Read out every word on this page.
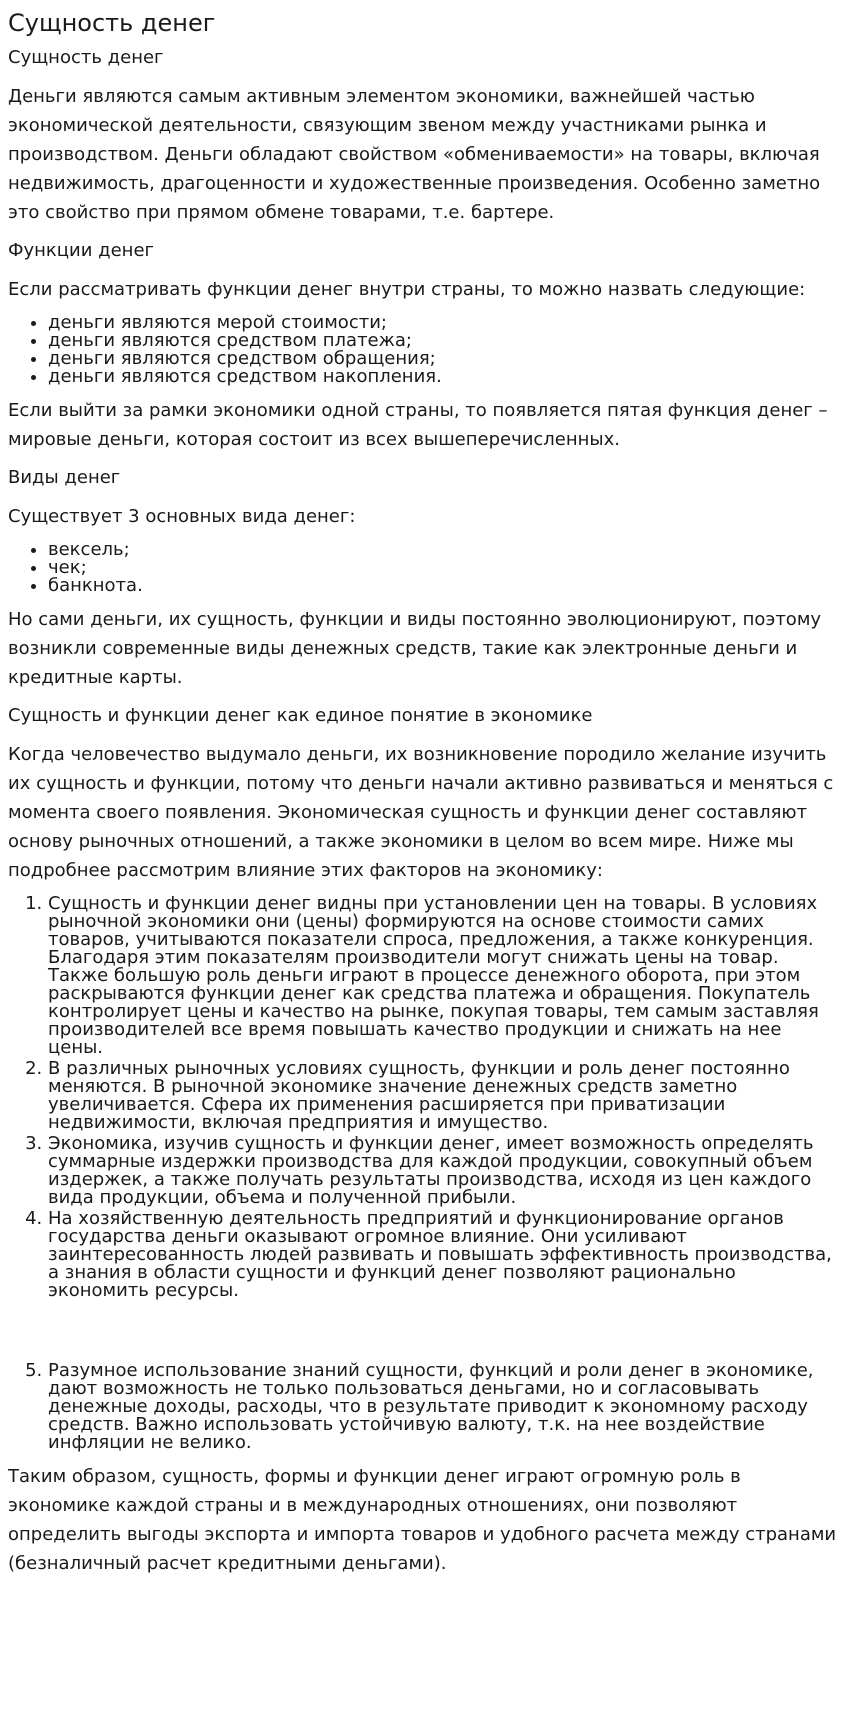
Сущность денег
Сущность денег

Деньги являются самым активным элементом экономики, важнейшей частью экономической деятельности, связующим звеном между участниками рынка и производством. Деньги обладают свойством «обмениваемости» на товары, включая недвижимость, драгоценности и художественные произведения. Особенно заметно это свойство при прямом обмене товарами, т.е. бартере.

Функции денег

Если рассматривать функции денег внутри страны, то можно назвать следующие:

• деньги являются мерой стоимости;
• деньги являются средством платежа;
• деньги являются средством обращения;
• деньги являются средством накопления.

Если выйти за рамки экономики одной страны, то появляется пятая функция денег – мировые деньги, которая состоит из всех вышеперечисленных.

Виды денег

Существует 3 основных вида денег:

• вексель;
• чек;
• банкнота.

Но сами деньги, их сущность, функции и виды постоянно эволюционируют, поэтому возникли современные виды денежных средств, такие как электронные деньги и кредитные карты.

Сущность и функции денег как единое понятие в экономике

Когда человечество выдумало деньги, их возникновение породило желание изучить их сущность и функции, потому что деньги начали активно развиваться и меняться с момента своего появления. Экономическая сущность и функции денег составляют основу рыночных отношений, а также экономики в целом во всем мире. Ниже мы подробнее рассмотрим влияние этих факторов на экономику:

1. Сущность и функции денег видны при установлении цен на товары. В условиях рыночной экономики они (цены) формируются на основе стоимости самих товаров, учитываются показатели спроса, предложения, а также конкуренция. Благодаря этим показателям производители могут снижать цены на товар. Также большую роль деньги играют в процессе денежного оборота, при этом раскрываются функции денег как средства платежа и обращения. Покупатель контролирует цены и качество на рынке, покупая товары, тем самым заставляя производителей все время повышать качество продукции и снижать на нее цены.
2. В различных рыночных условиях сущность, функции и роль денег постоянно меняются. В рыночной экономике значение денежных средств заметно увеличивается. Сфера их применения расширяется при приватизации недвижимости, включая предприятия и имущество.
3. Экономика, изучив сущность и функции денег, имеет возможность определять суммарные издержки производства для каждой продукции, совокупный объем издержек, а также получать результаты производства, исходя из цен каждого вида продукции, объема и полученной прибыли.
4. На хозяйственную деятельность предприятий и функционирование органов государства деньги оказывают огромное влияние. Они усиливают заинтересованность людей развивать и повышать эффективность производства, а знания в области сущности и функций денег позволяют рационально экономить ресурсы.
5. Разумное использование знаний сущности, функций и роли денег в экономике, дают возможность не только пользоваться деньгами, но и согласовывать денежные доходы, расходы, что в результате приводит к экономному расходу средств. Важно использовать устойчивую валюту, т.к. на нее воздействие инфляции не велико.

Таким образом, сущность, формы и функции денег играют огромную роль в экономике каждой страны и в международных отношениях, они позволяют определить выгоды экспорта и импорта товаров и удобного расчета между странами (безналичный расчет кредитными деньгами).
